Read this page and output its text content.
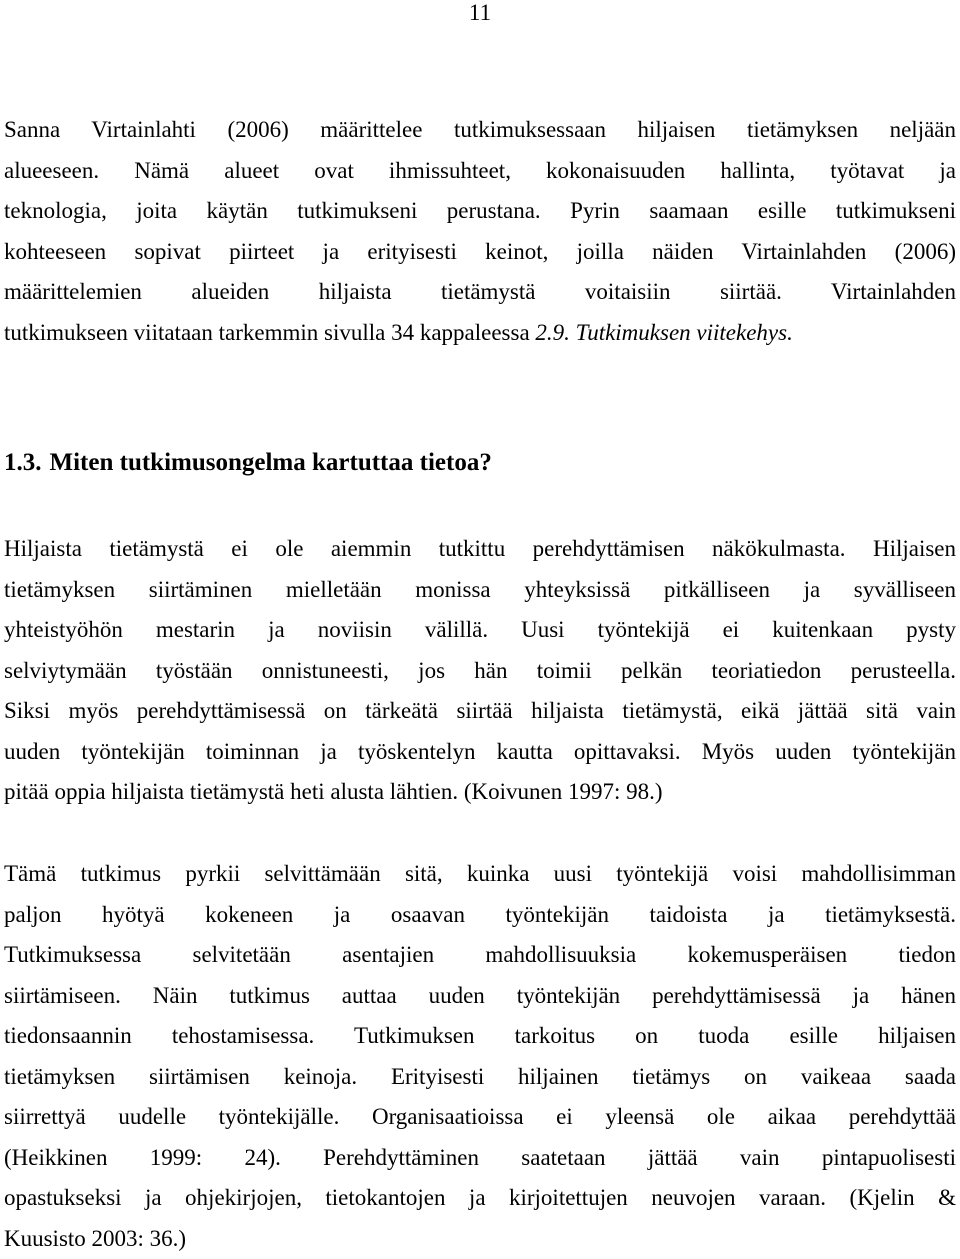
11

Sanna Virtainlahti (2006) määrittelee tutkimuksessaan hiljaisen tietämyksen neljään
alueeseen. Nämä alueet ovat ihmissuhteet, kokonaisuuden hallinta, työtavat ja
teknologia, joita käytän tutkimukseni perustana. Pyrin saamaan esille tutkimukseni
kohteeseen sopivat piirteet ja erityisesti keinot, joilla näiden Virtainlahden (2006)
määrittelemien alueiden hiljaista tietämystä voitaisiin siirtää. Virtainlahden
tutkimukseen viitataan tarkemmin sivulla 34 kappaleessa 2.9. Tutkimuksen viitekehys.

1.3. Miten tutkimusongelma kartuttaa tietoa?

Hiljaista tietämystä ei ole aiemmin tutkittu perehdyttämisen näkökulmasta. Hiljaisen
tietämyksen siirtäminen mielletään monissa yhteyksissä pitkälliseen ja syvälliseen
yhteistyöhön mestarin ja noviisin välillä. Uusi työntekijä ei kuitenkaan pysty
selviytymään työstään onnistuneesti, jos hän toimii pelkän teoriatiedon perusteella.
Siksi myös perehdyttämisessä on tärkeätä siirtää hiljaista tietämystä, eikä jättää sitä vain
uuden työntekijän toiminnan ja työskentelyn kautta opittavaksi. Myös uuden työntekijän
pitää oppia hiljaista tietämystä heti alusta lähtien. (Koivunen 1997: 98.)

Tämä tutkimus pyrkii selvittämään sitä, kuinka uusi työntekijä voisi mahdollisimman
paljon hyötyä kokeneen ja osaavan työntekijän taidoista ja tietämyksestä.
Tutkimuksessa selvitetään asentajien mahdollisuuksia kokemusperäisen tiedon
siirtämiseen. Näin tutkimus auttaa uuden työntekijän perehdyttämisessä ja hänen
tiedonsaannin tehostamisessa. Tutkimuksen tarkoitus on tuoda esille hiljaisen
tietämyksen siirtämisen keinoja. Erityisesti hiljainen tietämys on vaikeaa saada
siirrettyä uudelle työntekijälle. Organisaatioissa ei yleensä ole aikaa perehdyttää
(Heikkinen 1999: 24). Perehdyttäminen saatetaan jättää vain pintapuolisesti
opastukseksi ja ohjekirjojen, tietokantojen ja kirjoitettujen neuvojen varaan. (Kjelin &
Kuusisto 2003: 36.)
